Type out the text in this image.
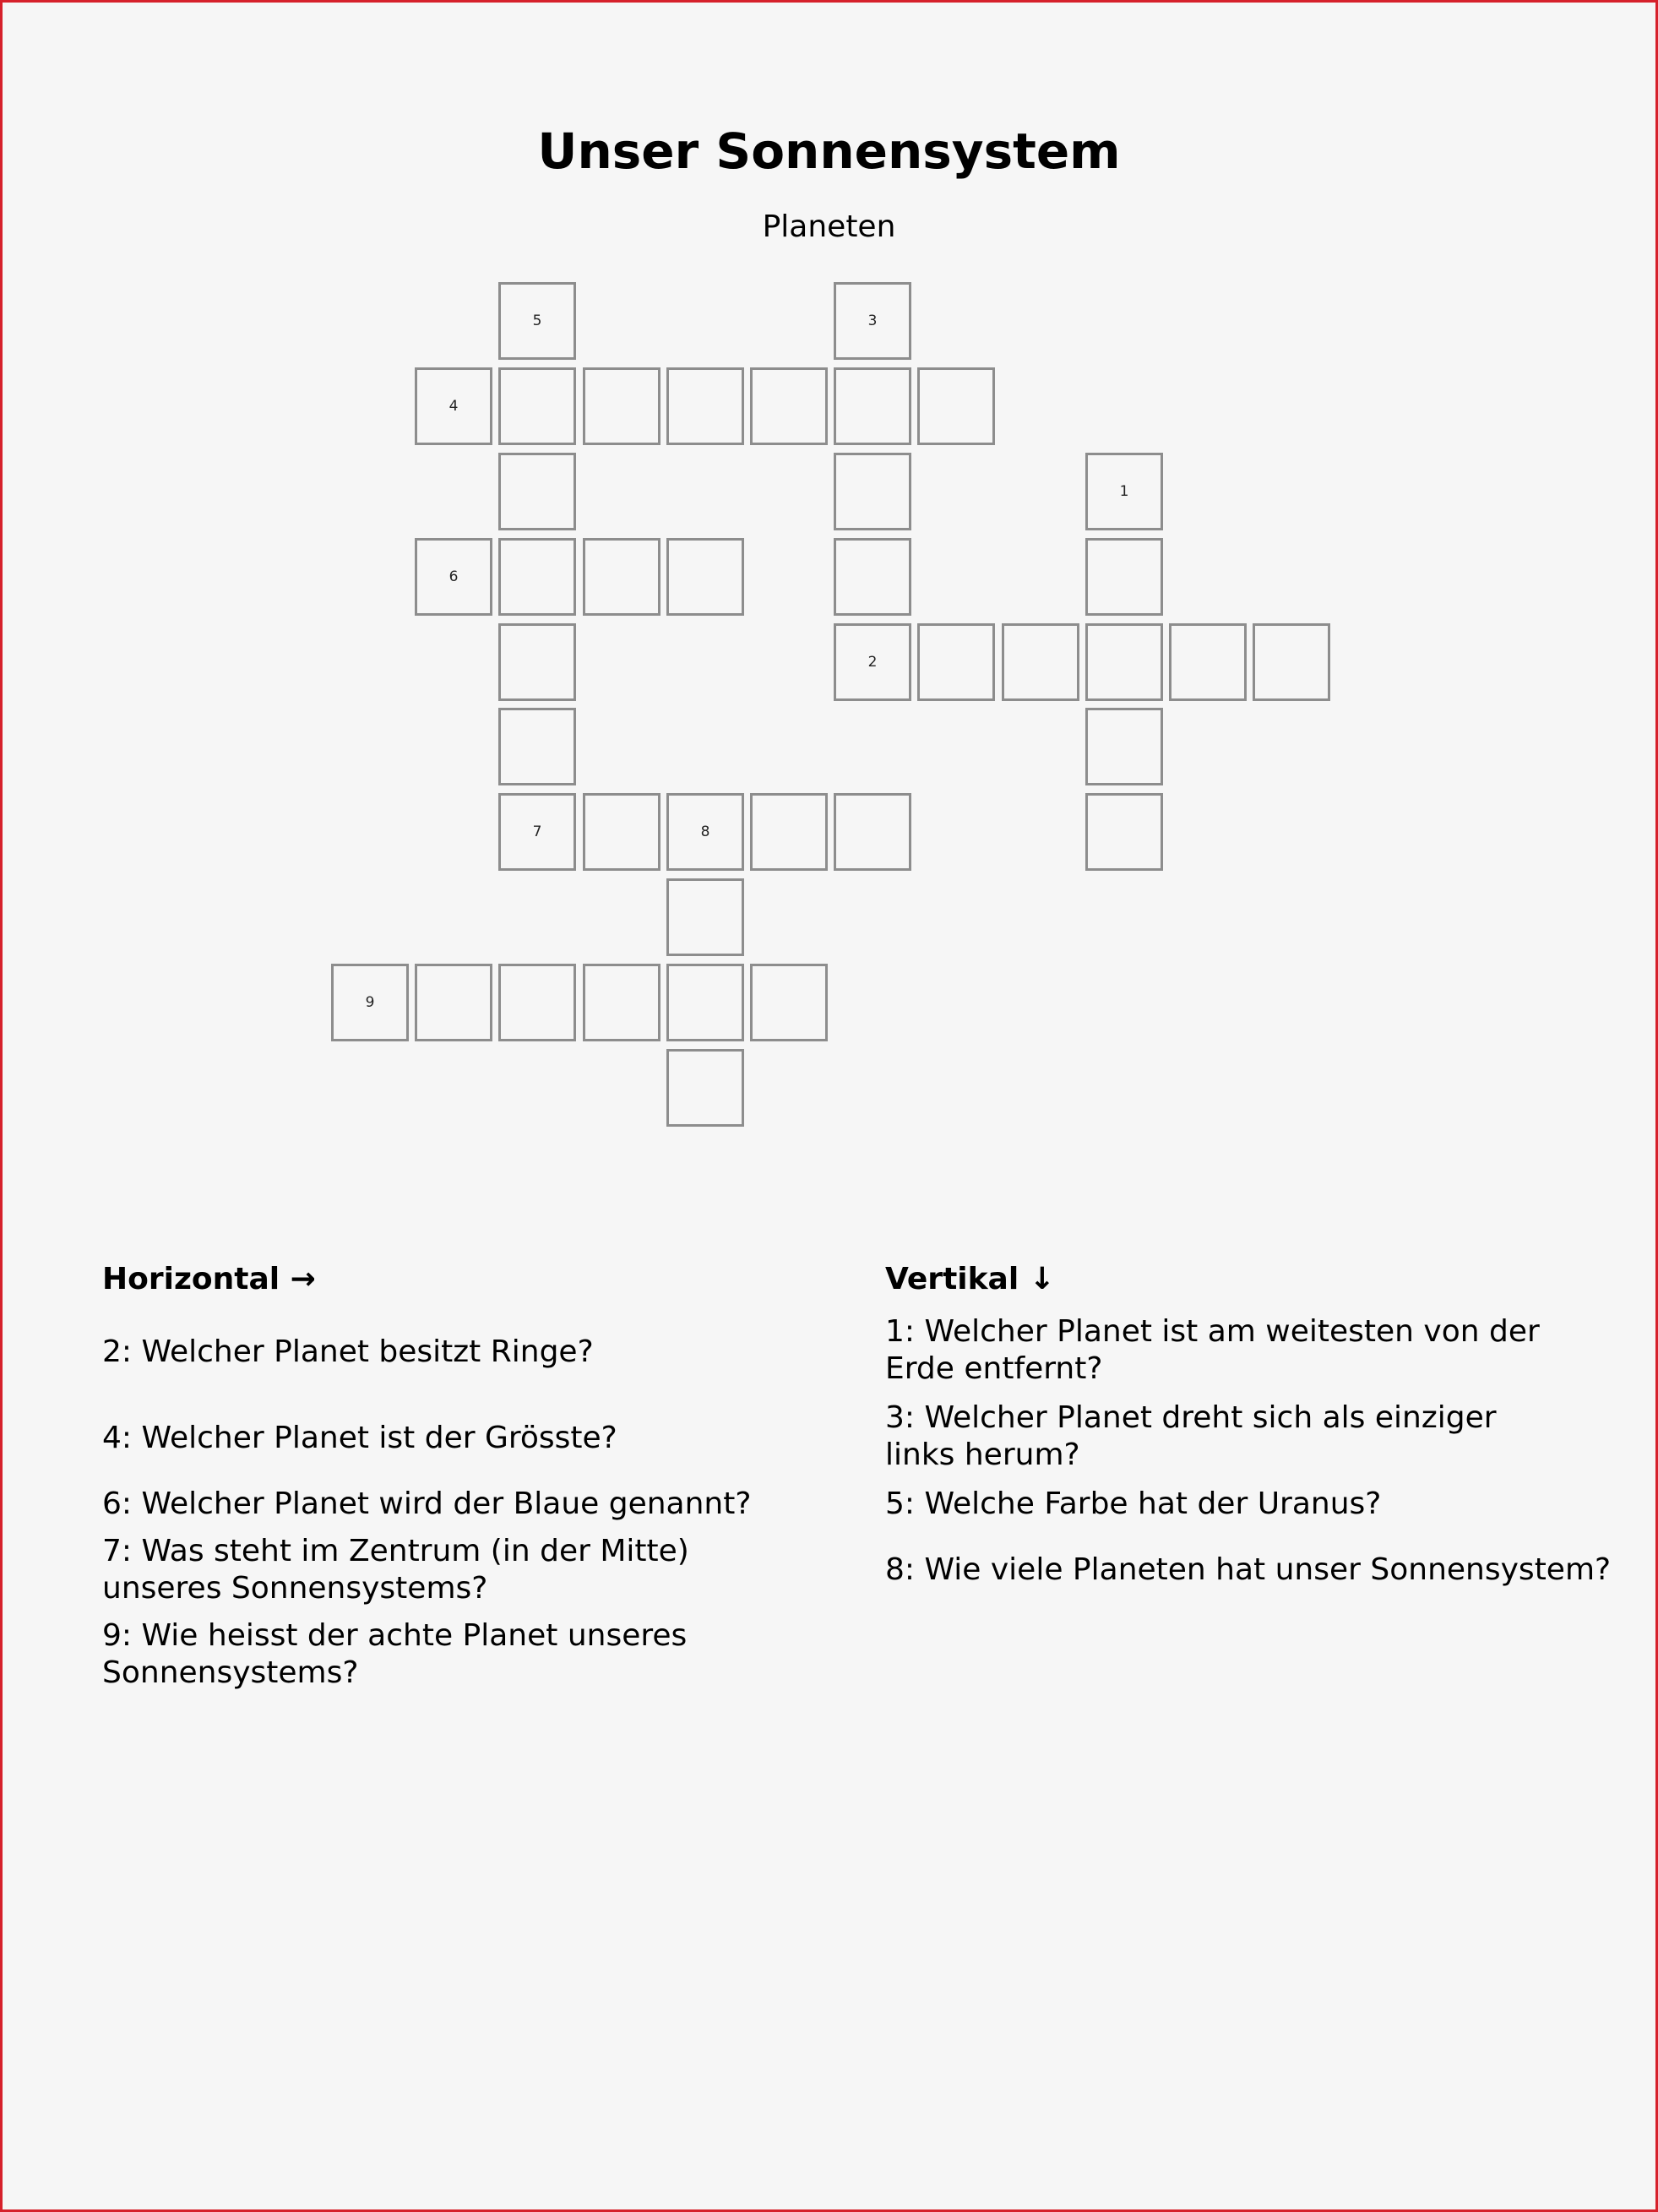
Unser Sonnensystem

Planeten

5	3
4
1
6
2
7	8
9
Horizontal →

2: Welcher Planet besitzt Ringe?

4: Welcher Planet ist der Grösste?

6: Welcher Planet wird der Blaue genannt?

7: Was steht im Zentrum (in der Mitte) unseres Sonnensystems?

9: Wie heisst der achte Planet unseres Sonnensystems?

Vertikal ↓

1: Welcher Planet ist am weitesten von der Erde entfernt?

3: Welcher Planet dreht sich als einziger links herum?

5: Welche Farbe hat der Uranus?

8: Wie viele Planeten hat unser Sonnensystem?
